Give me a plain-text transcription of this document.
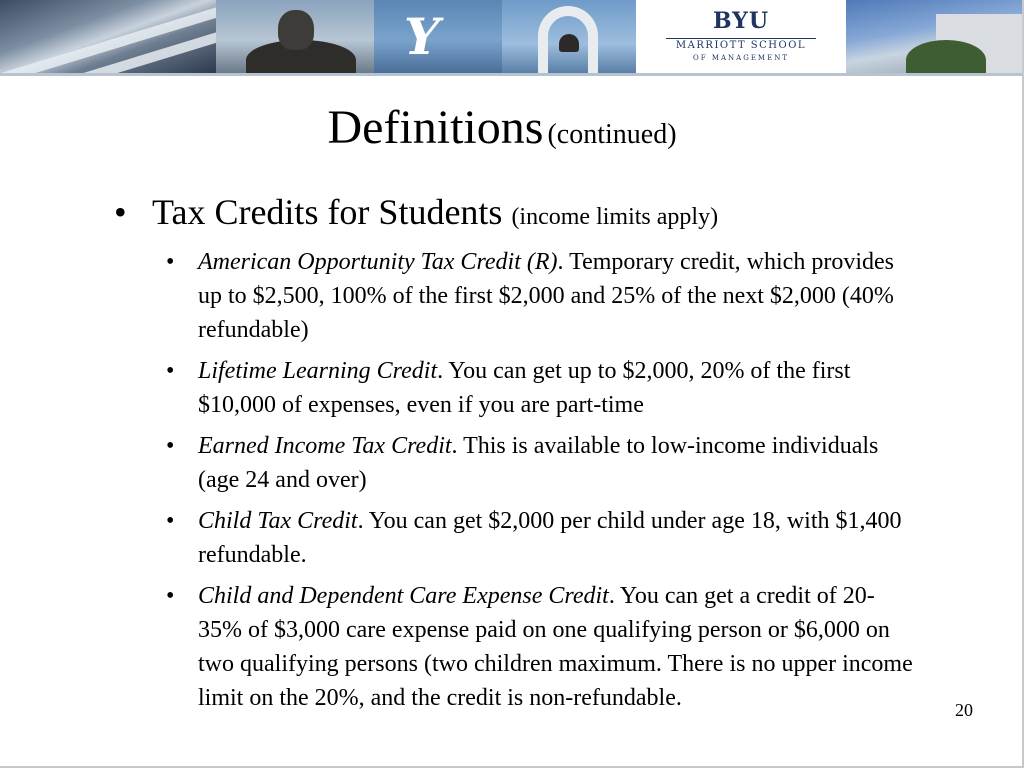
Y	BYU
MARRIOTT SCHOOL
OF MANAGEMENT
Definitions (continued)
• Tax Credits for Students (income limits apply)
• American Opportunity Tax Credit (R). Temporary credit, which provides up to $2,500, 100% of the first $2,000 and 25% of the next $2,000 (40% refundable)
• Lifetime Learning Credit. You can get up to $2,000, 20% of the first $10,000 of expenses, even if you are part-time
• Earned Income Tax Credit. This is available to low-income individuals (age 24 and over)
• Child Tax Credit. You can get $2,000 per child under age 18, with $1,400 refundable.
• Child and Dependent Care Expense Credit. You can get a credit of 20-35% of $3,000 care expense paid on one qualifying person or $6,000 on two qualifying persons (two children maximum. There is no upper income limit on the 20%, and the credit is non-refundable.	20
